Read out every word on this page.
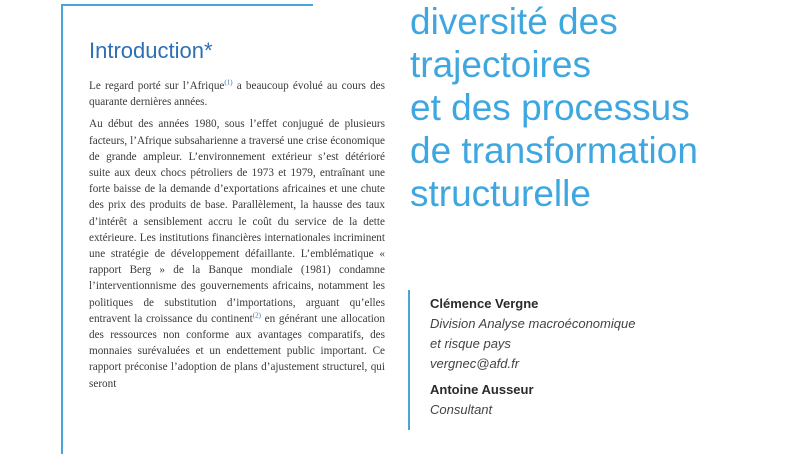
Introduction*

Le regard porté sur l’Afrique$^{(1)}$ a beaucoup évolué au cours des quarante dernières années.

Au début des années 1980, sous l’effet conjugué de plusieurs facteurs, l’Afrique subsaharienne a traversé une crise économique de grande ampleur. L’environnement extérieur s’est détérioré suite aux deux chocs pétroliers de 1973 et 1979, entraînant une forte baisse de la demande d’exportations africaines et une chute des prix des produits de base. Parallèlement, la hausse des taux d’intérêt a sensiblement accru le coût du service de la dette extérieure. Les institutions financières internationales incriminent une stratégie de développement défaillante. L’emblématique « rapport Berg » de la Banque mondiale (1981) condamne l’interventionnisme des gouvernements africains, notamment les politiques de substitution d’importations, arguant qu’elles entravent la croissance du continent$^{(2)}$ en générant une allocation des ressources non conforme aux avantages comparatifs, des monnaies surévaluées et un endettement public important. Ce rapport préconise l’adoption de plans d’ajustement structurel, qui seront

diversité des
trajectoires
et des processus
de transformation
structurelle
Clémence Vergne
Division Analyse macroéconomique
et risque pays
vergnec@afd.fr
Antoine Ausseur
Consultant
